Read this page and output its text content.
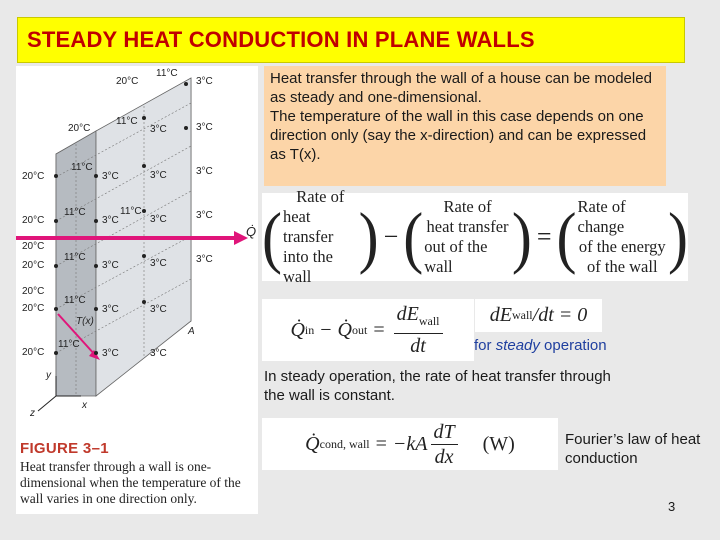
STEADY HEAT CONDUCTION IN PLANE WALLS
20°C
20°C
20°C
20°C
20°C
20°C
20°C
20°C
20°C
11°C
11°C
11°C
11°C
11°C
11°C
11°C
11°C
3°C
3°C	3°C
3°C	3°C	3°C
3°C	3°C	3°C
3°C	3°C	3°C
3°C	3°C
3°C	3°C
Q̇
T(x)
A
y
x
z
FIGURE 3–1
Heat transfer through a wall is one-dimensional when the temperature of the wall varies in one direction only.

Heat transfer through the wall of a house can be modeled as steady and one-dimensional.

The temperature of the wall in this case depends on one direction only (say the x-direction) and can be expressed as T(x).

(
Rate of
heat transfer
into the wall
) − ( Rate of
heat transfer
out of the wall ) = ( Rate of change
of the energy
of the wall )
Q̇ in − Q̇ out = $\frac{dE_{wall}}{dt}$ dE wall /dt = 0
for steady operation
In steady operation, the rate of heat transfer through the wall is constant.
Q̇ cond, wall = $-kA \frac{dT}{dx} (W)$	Fourier’s law of heat conduction
3
